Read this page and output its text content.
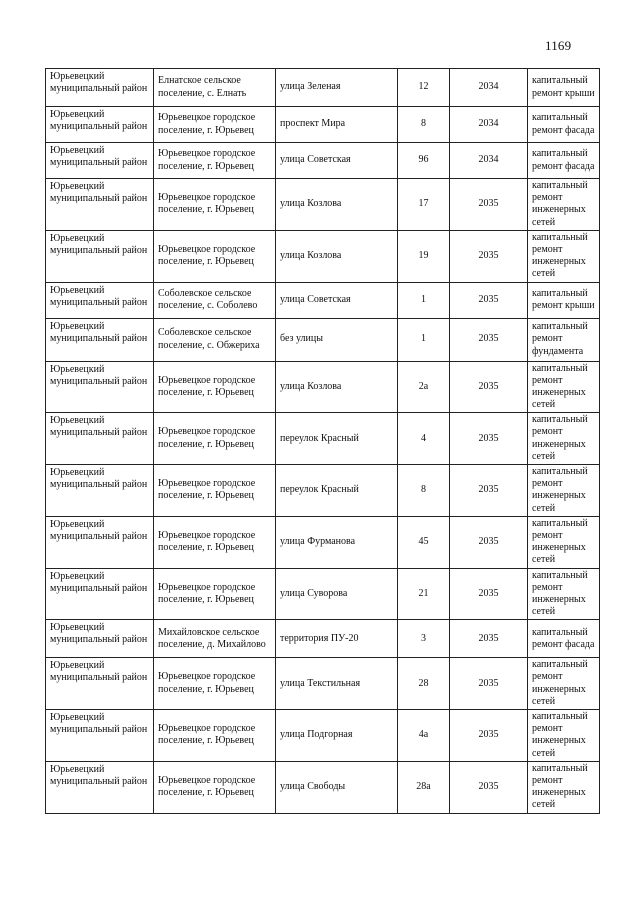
1169
Юрьевецкий муниципальный район	Елнатское сельское поселение, с. Елнать	улица Зеленая	12	2034	капитальный ремонт крыши
Юрьевецкий муниципальный район	Юрьевецкое городское поселение, г. Юрьевец	проспект Мира	8	2034	капитальный ремонт фасада
Юрьевецкий муниципальный район	Юрьевецкое городское поселение, г. Юрьевец	улица Советская	96	2034	капитальный ремонт фасада
Юрьевецкий муниципальный район	Юрьевецкое городское поселение, г. Юрьевец	улица Козлова	17	2035	капитальный ремонт инженерных сетей
Юрьевецкий муниципальный район	Юрьевецкое городское поселение, г. Юрьевец	улица Козлова	19	2035	капитальный ремонт инженерных сетей
Юрьевецкий муниципальный район	Соболевское сельское поселение, с. Соболево	улица Советская	1	2035	капитальный ремонт крыши
Юрьевецкий муниципальный район	Соболевское сельское поселение, с. Обжериха	без улицы	1	2035	капитальный ремонт фундамента
Юрьевецкий муниципальный район	Юрьевецкое городское поселение, г. Юрьевец	улица Козлова	2а	2035	капитальный ремонт инженерных сетей
Юрьевецкий муниципальный район	Юрьевецкое городское поселение, г. Юрьевец	переулок Красный	4	2035	капитальный ремонт инженерных сетей
Юрьевецкий муниципальный район	Юрьевецкое городское поселение, г. Юрьевец	переулок Красный	8	2035	капитальный ремонт инженерных сетей
Юрьевецкий муниципальный район	Юрьевецкое городское поселение, г. Юрьевец	улица Фурманова	45	2035	капитальный ремонт инженерных сетей
Юрьевецкий муниципальный район	Юрьевецкое городское поселение, г. Юрьевец	улица Суворова	21	2035	капитальный ремонт инженерных сетей
Юрьевецкий муниципальный район	Михайловское сельское поселение, д. Михайлово	территория ПУ-20	3	2035	капитальный ремонт фасада
Юрьевецкий муниципальный район	Юрьевецкое городское поселение, г. Юрьевец	улица Текстильная	28	2035	капитальный ремонт инженерных сетей
Юрьевецкий муниципальный район	Юрьевецкое городское поселение, г. Юрьевец	улица Подгорная	4а	2035	капитальный ремонт инженерных сетей
Юрьевецкий муниципальный район	Юрьевецкое городское поселение, г. Юрьевец	улица Свободы	28а	2035	капитальный ремонт инженерных сетей
